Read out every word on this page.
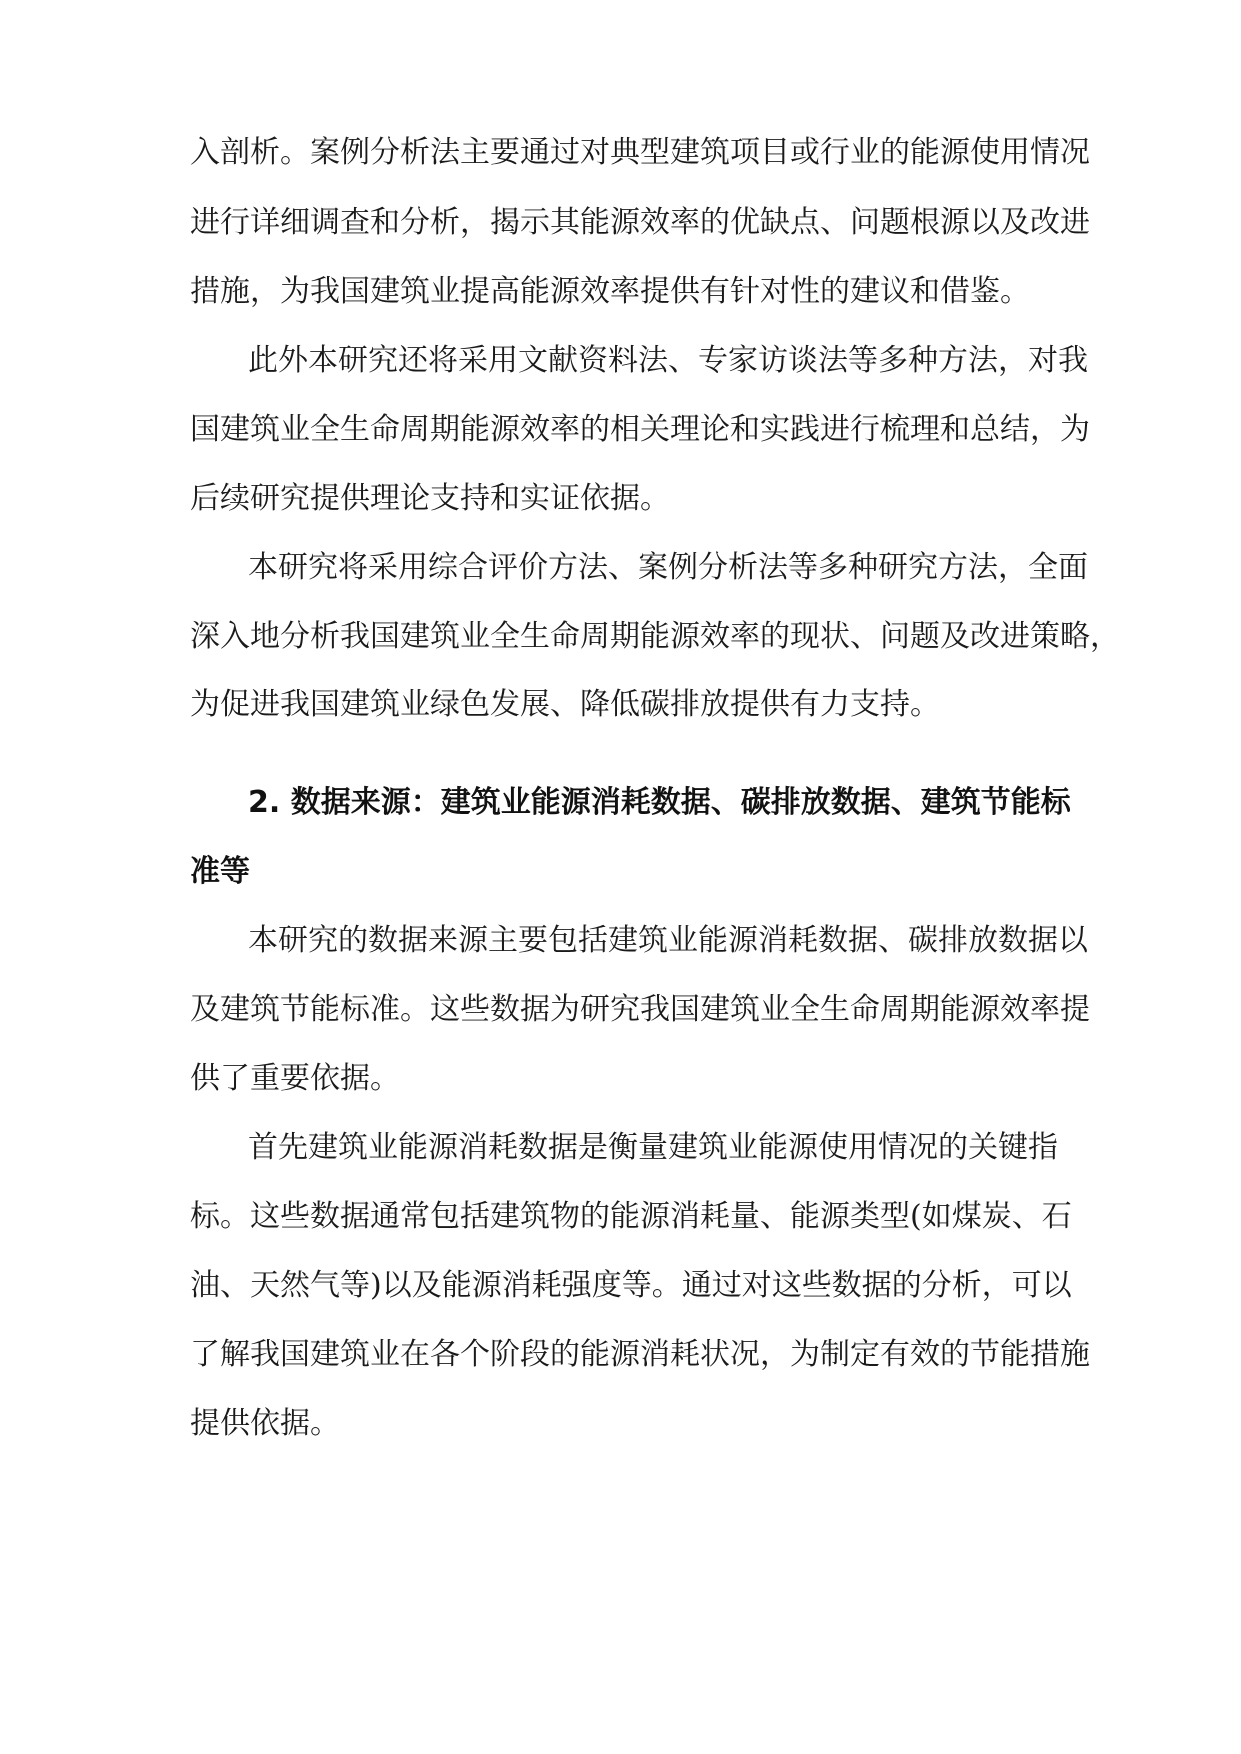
入剖析。案例分析法主要通过对典型建筑项目或行业的能源使用情况
进行详细调查和分析，揭示其能源效率的优缺点、问题根源以及改进
措施，为我国建筑业提高能源效率提供有针对性的建议和借鉴。
此外本研究还将采用文献资料法、专家访谈法等多种方法，对我
国建筑业全生命周期能源效率的相关理论和实践进行梳理和总结，为
后续研究提供理论支持和实证依据。
本研究将采用综合评价方法、案例分析法等多种研究方法，全面
深入地分析我国建筑业全生命周期能源效率的现状、问题及改进策略，
为促进我国建筑业绿色发展、降低碳排放提供有力支持。
2. 数据来源：建筑业能源消耗数据、碳排放数据、建筑节能标
准等
本研究的数据来源主要包括建筑业能源消耗数据、碳排放数据以
及建筑节能标准。这些数据为研究我国建筑业全生命周期能源效率提
供了重要依据。
首先建筑业能源消耗数据是衡量建筑业能源使用情况的关键指
标。这些数据通常包括建筑物的能源消耗量、能源类型(如煤炭、石
油、天然气等)以及能源消耗强度等。通过对这些数据的分析，可以
了解我国建筑业在各个阶段的能源消耗状况，为制定有效的节能措施
提供依据。
